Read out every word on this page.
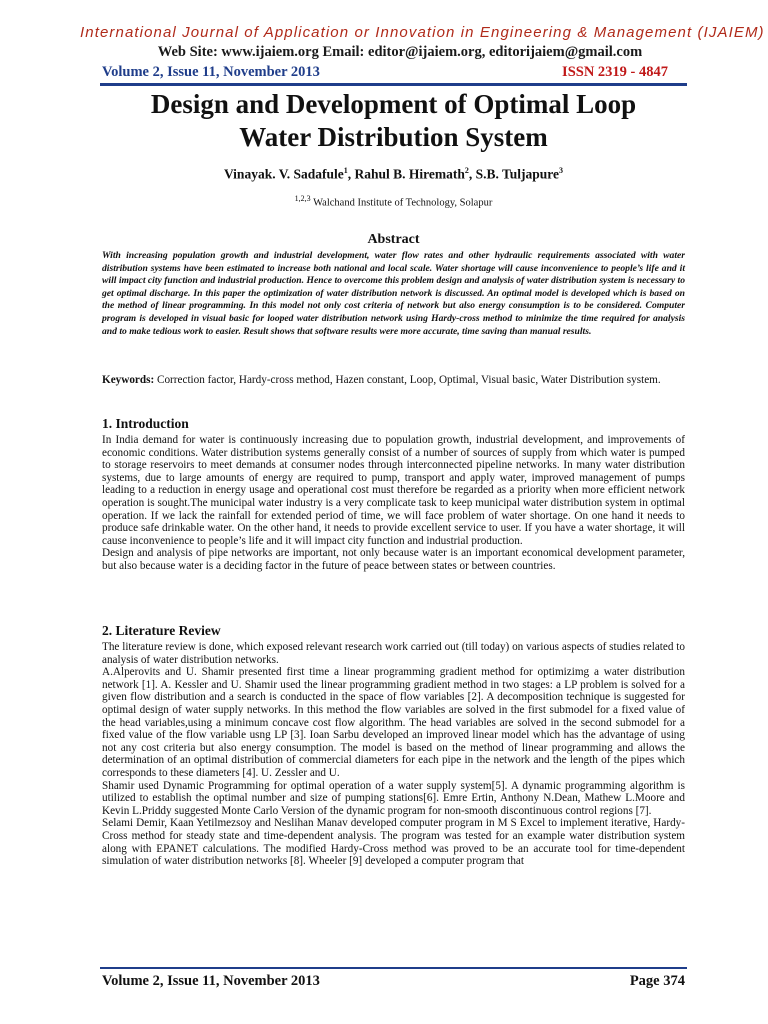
International Journal of Application or Innovation in Engineering & Management (IJAIEM)
Web Site: www.ijaiem.org Email: editor@ijaiem.org, editorijaiem@gmail.com
Volume 2, Issue 11, November 2013	ISSN 2319 - 4847
Design and Development of Optimal Loop
Water Distribution System
Vinayak. V. Sadafule$^1$, Rahul B. Hiremath$^2$, S.B. Tuljapure$^3$
$^{1,2,3}$ Walchand Institute of Technology, Solapur
Abstract
With increasing population growth and industrial development, water flow rates and other hydraulic requirements associated with water distribution systems have been estimated to increase both national and local scale. Water shortage will cause inconvenience to people’s life and it will impact city function and industrial production. Hence to overcome this problem design and analysis of water distribution system is necessary to get optimal discharge. In this paper the optimization of water distribution network is discussed. An optimal model is developed which is based on the method of linear programming. In this model not only cost criteria of network but also energy consumption is to be considered. Computer program is developed in visual basic for looped water distribution network using Hardy-cross method to minimize the time required for analysis and to make tedious work to easier. Result shows that software results were more accurate, time saving than manual results.
Keywords: Correction factor, Hardy-cross method, Hazen constant, Loop, Optimal, Visual basic, Water Distribution system.
1. Introduction

In India demand for water is continuously increasing due to population growth, industrial development, and improvements of economic conditions. Water distribution systems generally consist of a number of sources of supply from which water is pumped to storage reservoirs to meet demands at consumer nodes through interconnected pipeline networks. In many water distribution systems, due to large amounts of energy are required to pump, transport and apply water, improved management of pumps leading to a reduction in energy usage and operational cost must therefore be regarded as a priority when more efficient network operation is sought.The municipal water industry is a very complicate task to keep municipal water distribution system in optimal operation. If we lack the rainfall for extended period of time, we will face problem of water shortage. On one hand it needs to produce safe drinkable water. On the other hand, it needs to provide excellent service to user. If you have a water shortage, it will cause inconvenience to people’s life and it will impact city function and industrial production.

Design and analysis of pipe networks are important, not only because water is an important economical development parameter, but also because water is a deciding factor in the future of peace between states or between countries.

2. Literature Review

The literature review is done, which exposed relevant research work carried out (till today) on various aspects of studies related to analysis of water distribution networks.

A.Alperovits and U. Shamir presented first time a linear programming gradient method for optimizimg a water distribution network [1]. A. Kessler and U. Shamir used the linear programming gradient method in two stages: a LP problem is solved for a given flow distribution and a search is conducted in the space of flow variables [2]. A decomposition technique is suggested for optimal design of water supply networks. In this method the flow variables are solved in the first submodel for a fixed value of the head variables,using a minimum concave cost flow algorithm. The head variables are solved in the second submodel for a fixed value of the flow variable usng LP [3]. Ioan Sarbu developed an improved linear model which has the advantage of using not any cost criteria but also energy consumption. The model is based on the method of linear programming and allows the determination of an optimal distribution of commercial diameters for each pipe in the network and the length of the pipes which corresponds to these diameters [4]. U. Zessler and U.

Shamir used Dynamic Programming for optimal operation of a water supply system[5]. A dynamic programming algorithm is utilized to establish the optimal number and size of pumping stations[6]. Emre Ertin, Anthony N.Dean, Mathew L.Moore and Kevin L.Priddy suggested Monte Carlo Version of the dynamic program for non-smooth discontinuous control regions [7].

Selami Demir, Kaan Yetilmezsoy and Neslihan Manav developed computer program in M S Excel to implement iterative, Hardy-Cross method for steady state and time-dependent analysis. The program was tested for an example water distribution system along with EPANET calculations. The modified Hardy-Cross method was proved to be an accurate tool for time-dependent simulation of water distribution networks [8]. Wheeler [9] developed a computer program that

Volume 2, Issue 11, November 2013	Page 374
